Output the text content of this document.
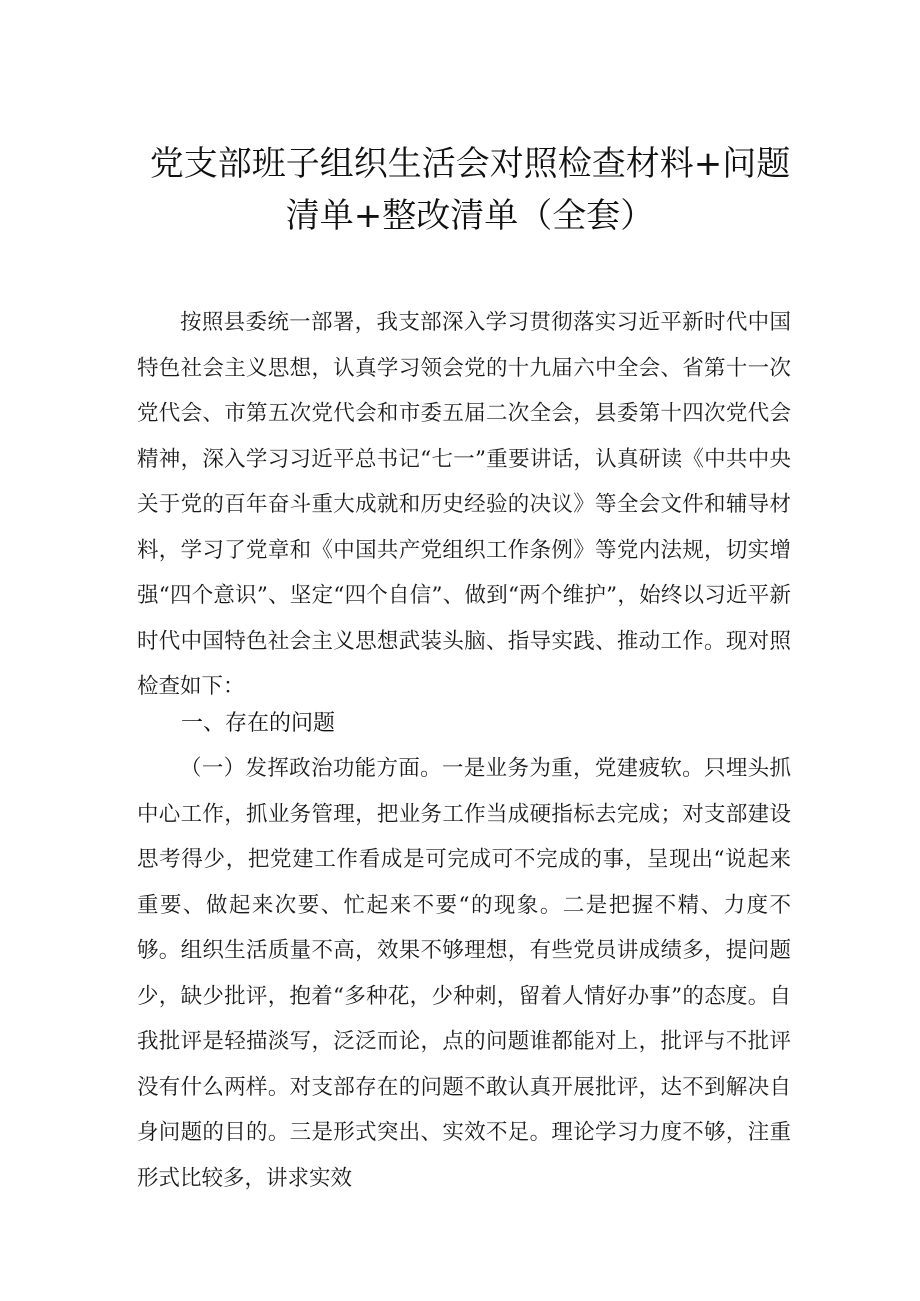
党支部班子组织生活会对照检查材料+问题
清单+整改清单（全套）

按照县委统一部署，我支部深入学习贯彻落实习近平新时代中国特色社会主义思想，认真学习领会党的十九届六中全会、省第十一次党代会、市第五次党代会和市委五届二次全会，县委第十四次党代会精神，深入学习习近平总书记“七一”重要讲话，认真研读《中共中央关于党的百年奋斗重大成就和历史经验的决议》等全会文件和辅导材料，学习了党章和《中国共产党组织工作条例》等党内法规，切实增强“四个意识”、坚定“四个自信”、做到“两个维护”，始终以习近平新时代中国特色社会主义思想武装头脑、指导实践、推动工作。现对照检查如下：

一、存在的问题

（一）发挥政治功能方面。一是业务为重，党建疲软。只埋头抓中心工作，抓业务管理，把业务工作当成硬指标去完成；对支部建设思考得少，把党建工作看成是可完成可不完成的事，呈现出“说起来重要、做起来次要、忙起来不要“的现象。二是把握不精、力度不够。组织生活质量不高，效果不够理想，有些党员讲成绩多，提问题少，缺少批评，抱着“多种花，少种刺，留着人情好办事”的态度。自我批评是轻描淡写，泛泛而论，点的问题谁都能对上，批评与不批评没有什么两样。对支部存在的问题不敢认真开展批评，达不到解决自身问题的目的。三是形式突出、实效不足。理论学习力度不够，注重形式比较多，讲求实效
